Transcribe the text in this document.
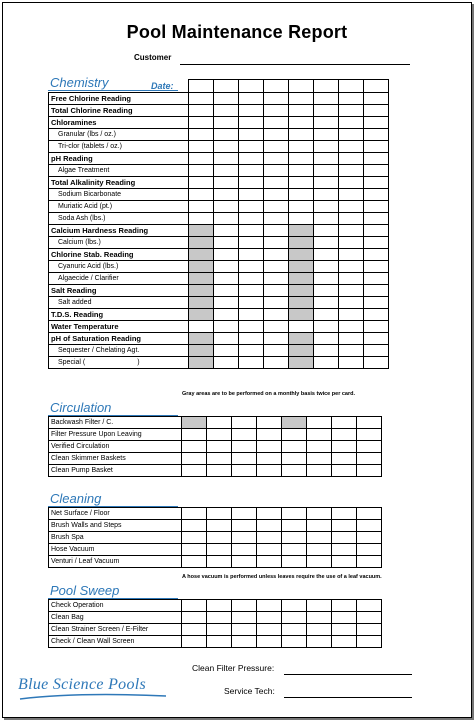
Pool Maintenance Report
Customer
Chemistry	Date:

Free Chlorine Reading								
Total Chlorine Reading								
Chloramines								
Granular (lbs / oz.)								
Tri-clor (tablets / oz.)								
pH Reading								
Algae Treatment								
Total Alkalinity Reading								
Sodium Bicarbonate								
Muriatic Acid (pt.)								
Soda Ash (lbs.)								
Calcium Hardness Reading								
Calcium (lbs.)								
Chlorine Stab. Reading								
Cyanuric Acid (lbs.)								
Algaecide / Clarifier								
Salt Reading								
Salt added								
T.D.S. Reading								
Water Temperature								
pH of Saturation Reading								
Sequester / Chelating Agt.								
Special ( )								
Gray areas are to be performed on a monthly basis twice per card.
Circulation
Backwash Filter / C.								
Filter Pressure Upon Leaving								
Verified Circulation								
Clean Skimmer Baskets								
Clean Pump Basket								
Cleaning
Net Surface / Floor								
Brush Walls and Steps								
Brush Spa								
Hose Vacuum								
Venturi / Leaf Vacuum								
A hose vacuum is performed unless leaves require the use of a leaf vacuum.
Pool Sweep
Check Operation								
Clean Bag								
Clean Strainer Screen / E-Filter								
Check / Clean Wall Screen								
Clean Filter Pressure:
Service Tech:
Blue Science Pools
